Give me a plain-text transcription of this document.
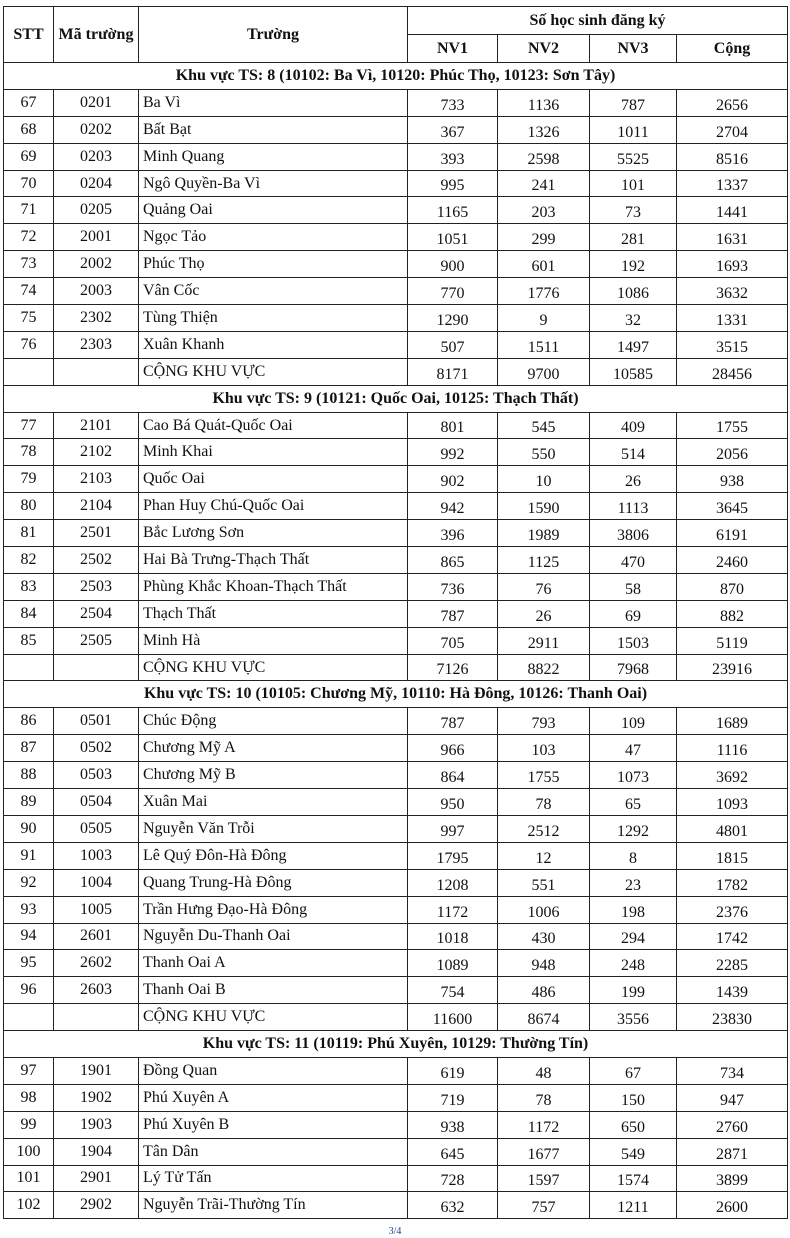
STT	Mã trường	Trường	Số học sinh đăng ký			
			NV1	NV2	NV3	Cộng
Khu vực TS: 8 (10102: Ba Vì, 10120: Phúc Thọ, 10123: Sơn Tây)						
67	0201	Ba Vì	733	1136	787	2656
68	0202	Bất Bạt	367	1326	1011	2704
69	0203	Minh Quang	393	2598	5525	8516
70	0204	Ngô Quyền-Ba Vì	995	241	101	1337
71	0205	Quảng Oai	1165	203	73	1441
72	2001	Ngọc Tảo	1051	299	281	1631
73	2002	Phúc Thọ	900	601	192	1693
74	2003	Vân Cốc	770	1776	1086	3632
75	2302	Tùng Thiện	1290	9	32	1331
76	2303	Xuân Khanh	507	1511	1497	3515
		CỘNG KHU VỰC	8171	9700	10585	28456
Khu vực TS: 9 (10121: Quốc Oai, 10125: Thạch Thất)						
77	2101	Cao Bá Quát-Quốc Oai	801	545	409	1755
78	2102	Minh Khai	992	550	514	2056
79	2103	Quốc Oai	902	10	26	938
80	2104	Phan Huy Chú-Quốc Oai	942	1590	1113	3645
81	2501	Bắc Lương Sơn	396	1989	3806	6191
82	2502	Hai Bà Trưng-Thạch Thất	865	1125	470	2460
83	2503	Phùng Khắc Khoan-Thạch Thất	736	76	58	870
84	2504	Thạch Thất	787	26	69	882
85	2505	Minh Hà	705	2911	1503	5119
		CỘNG KHU VỰC	7126	8822	7968	23916
Khu vực TS: 10 (10105: Chương Mỹ, 10110: Hà Đông, 10126: Thanh Oai)						
86	0501	Chúc Động	787	793	109	1689
87	0502	Chương Mỹ A	966	103	47	1116
88	0503	Chương Mỹ B	864	1755	1073	3692
89	0504	Xuân Mai	950	78	65	1093
90	0505	Nguyễn Văn Trỗi	997	2512	1292	4801
91	1003	Lê Quý Đôn-Hà Đông	1795	12	8	1815
92	1004	Quang Trung-Hà Đông	1208	551	23	1782
93	1005	Trần Hưng Đạo-Hà Đông	1172	1006	198	2376
94	2601	Nguyễn Du-Thanh Oai	1018	430	294	1742
95	2602	Thanh Oai A	1089	948	248	2285
96	2603	Thanh Oai B	754	486	199	1439
		CỘNG KHU VỰC	11600	8674	3556	23830
Khu vực TS: 11 (10119: Phú Xuyên, 10129: Thường Tín)						
97	1901	Đồng Quan	619	48	67	734
98	1902	Phú Xuyên A	719	78	150	947
99	1903	Phú Xuyên B	938	1172	650	2760
100	1904	Tân Dân	645	1677	549	2871
101	2901	Lý Tử Tấn	728	1597	1574	3899
102	2902	Nguyễn Trãi-Thường Tín	632	757	1211	2600
3/4
